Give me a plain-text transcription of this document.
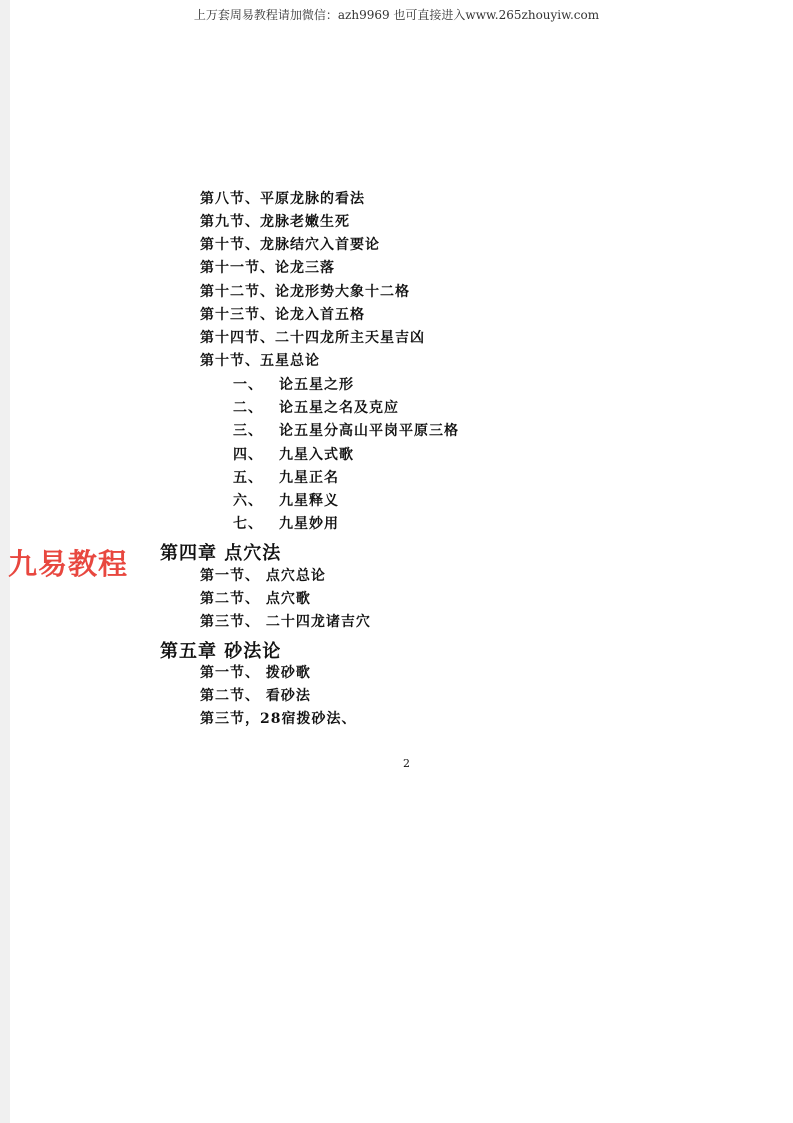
上万套周易教程请加微信：azh9969 也可直接进入www.265zhouyiw.com
第八节、平原龙脉的看法
第九节、龙脉老嫩生死
第十节、龙脉结穴入首要论
第十一节、论龙三落
第十二节、论龙形势大象十二格
第十三节、论龙入首五格
第十四节、二十四龙所主天星吉凶
第十节、五星总论
一、 论五星之形
二、 论五星之名及克应
三、 论五星分高山平岗平原三格
四、 九星入式歌
五、 九星正名
六、 九星释义
七、 九星妙用
第四章 点穴法
第一节、 点穴总论
第二节、 点穴歌
第三节、 二十四龙诸吉穴
第五章 砂法论
第一节、 拨砂歌
第二节、 看砂法
第三节，28宿拨砂法、
九易教程
2
